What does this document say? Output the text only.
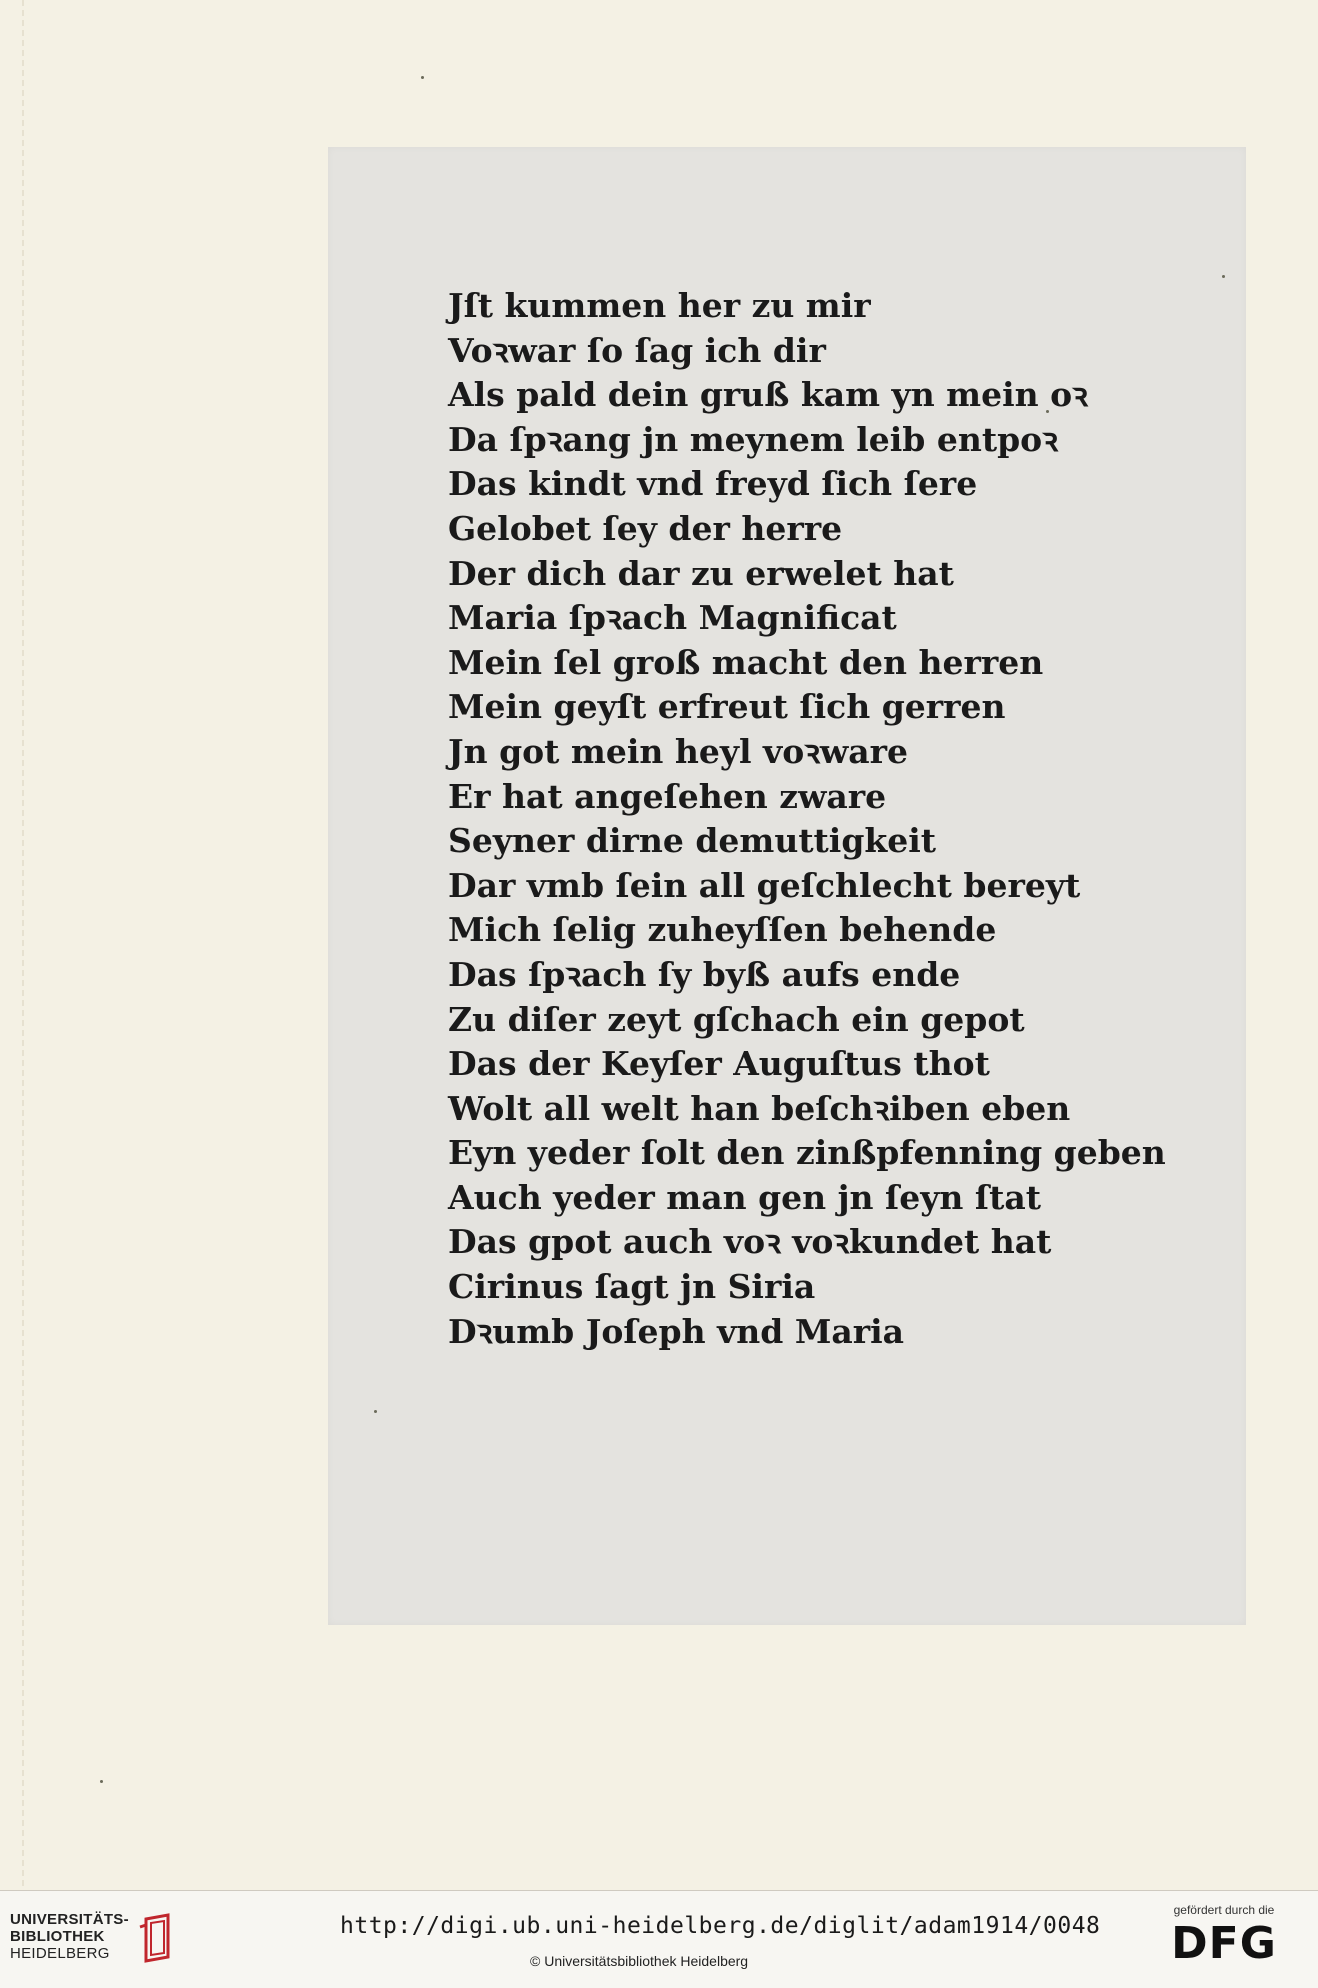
Jſt kummen her zu mir
Voꝛwar ſo ſag ich dir
Als pald dein gruß kam yn mein oꝛ
Da ſpꝛang jn meynem leib entpoꝛ
Das kindt vnd freyd ſich ſere
Gelobet ſey der herre
Der dich dar zu erwelet hat
Maria ſpꝛach Magnificat
Mein ſel groß macht den herren
Mein geyſt erfreut ſich gerren
Jn got mein heyl voꝛware
Er hat angeſehen zware
Seyner dirne demuttigkeit
Dar vmb ſein all geſchlecht bereyt
Mich ſelig zuheyſſen behende
Das ſpꝛach ſy byß aufs ende
Zu diſer zeyt gſchach ein gepot
Das der Keyſer Auguſtus thot
Wolt all welt han beſchꝛiben eben
Eyn yeder ſolt den zinßpfenning geben
Auch yeder man gen jn ſeyn ſtat
Das gpot auch voꝛ voꝛkundet hat
Cirinus ſagt jn Siria
Dꝛumb Joſeph vnd Maria
UNIVERSITÄTS-
BIBLIOTHEK
HEIDELBERG
http://digi.ub.uni-heidelberg.de/diglit/adam1914/0048
© Universitätsbibliothek Heidelberg
gefördert durch die
DFG
